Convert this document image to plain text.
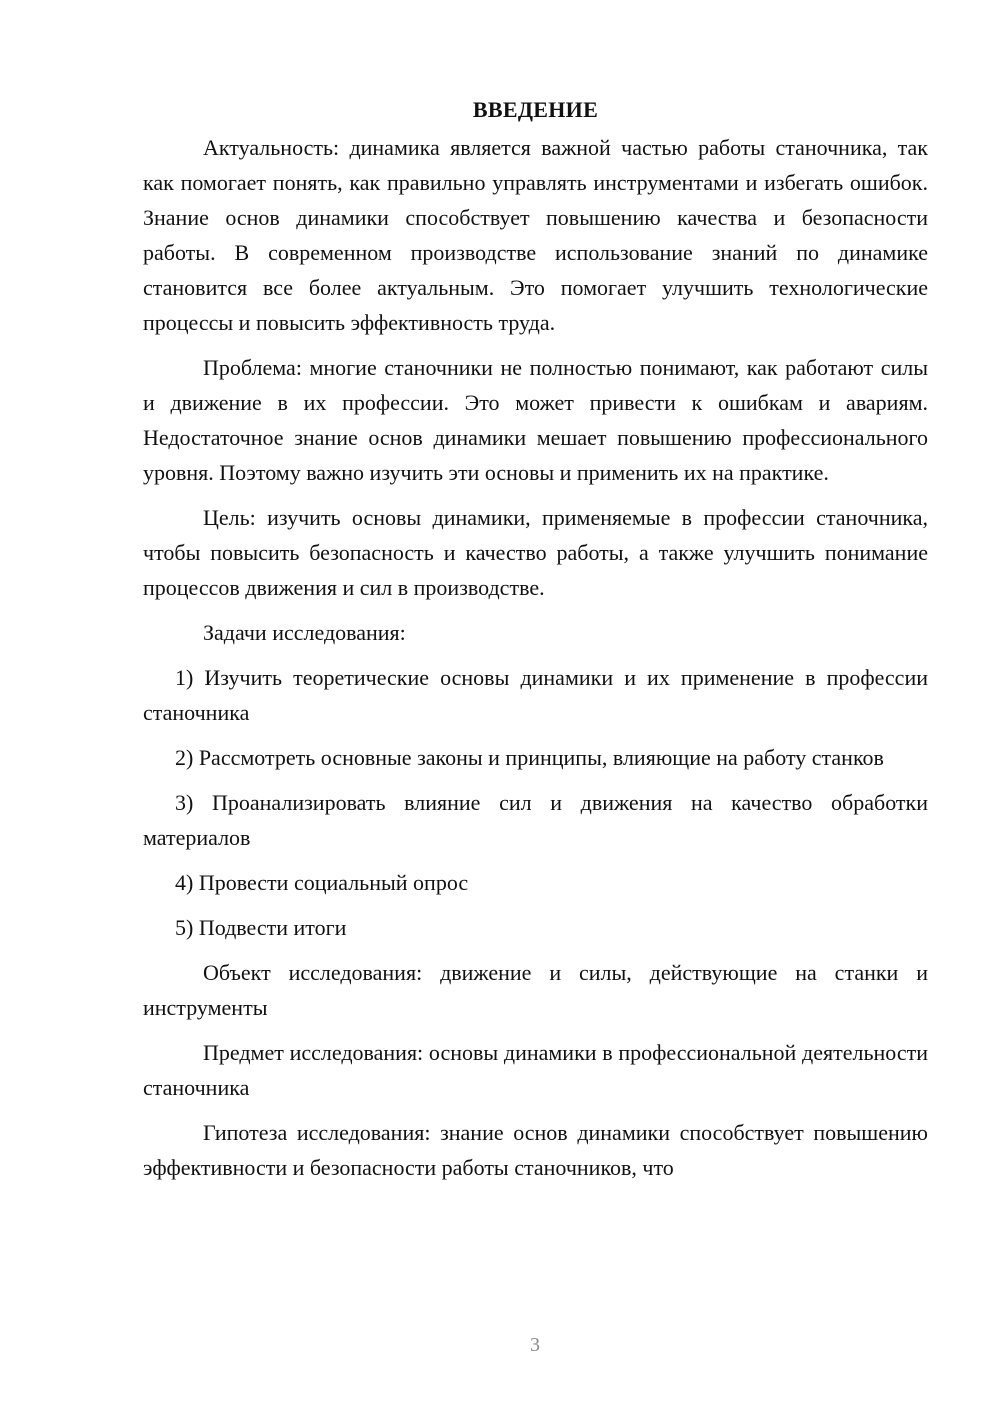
ВВЕДЕНИЕ

Актуальность: динамика является важной частью работы станочника, так как помогает понять, как правильно управлять инструментами и избегать ошибок. Знание основ динамики способствует повышению качества и безопасности работы. В современном производстве использование знаний по динамике становится все более актуальным. Это помогает улучшить технологические процессы и повысить эффективность труда.

Проблема: многие станочники не полностью понимают, как работают силы и движение в их профессии. Это может привести к ошибкам и авариям. Недостаточное знание основ динамики мешает повышению профессионального уровня. Поэтому важно изучить эти основы и применить их на практике.

Цель: изучить основы динамики, применяемые в профессии станочника, чтобы повысить безопасность и качество работы, а также улучшить понимание процессов движения и сил в производстве.

Задачи исследования:

1) Изучить теоретические основы динамики и их применение в профессии станочника

2) Рассмотреть основные законы и принципы, влияющие на работу станков

3) Проанализировать влияние сил и движения на качество обработки материалов

4) Провести социальный опрос

5) Подвести итоги

Объект исследования: движение и силы, действующие на станки и инструменты

Предмет исследования: основы динамики в профессиональной деятельности станочника

Гипотеза исследования: знание основ динамики способствует повышению эффективности и безопасности работы станочников, что

3
